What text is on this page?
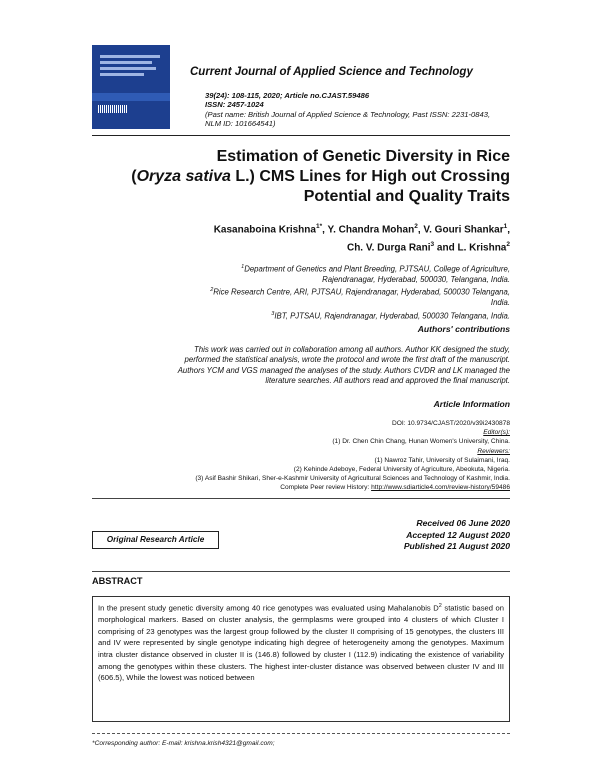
Current Journal of Applied Science and Technology
39(24): 108-115, 2020; Article no.CJAST.59486
ISSN: 2457-1024
(Past name: British Journal of Applied Science & Technology, Past ISSN: 2231-0843,
NLM ID: 101664541)
Estimation of Genetic Diversity in Rice
(Oryza sativa L.) CMS Lines for High out Crossing
Potential and Quality Traits
Kasanaboina Krishna$^{1*}$, Y. Chandra Mohan$^2$, V. Gouri Shankar$^1$,
Ch. V. Durga Rani$^3$ and L. Krishna$^2$
$^1$Department of Genetics and Plant Breeding, PJTSAU, College of Agriculture,
Rajendranagar, Hyderabad, 500030, Telangana, India.
$^2$Rice Research Centre, ARI, PJTSAU, Rajendranagar, Hyderabad, 500030 Telangana,
India.
$^3$IBT, PJTSAU, Rajendranagar, Hyderabad, 500030 Telangana, India.
Authors' contributions
This work was carried out in collaboration among all authors. Author KK designed the study,
performed the statistical analysis, wrote the protocol and wrote the first draft of the manuscript.
Authors YCM and VGS managed the analyses of the study. Authors CVDR and LK managed the
literature searches. All authors read and approved the final manuscript.
Article Information
DOI: 10.9734/CJAST/2020/v39i2430878
Editor(s):
(1) Dr. Chen Chin Chang, Hunan Women's University, China.
Reviewers:
(1) Nawroz Tahir, University of Sulaimani, Iraq.
(2) Kehinde Adeboye, Federal University of Agriculture, Abeokuta, Nigeria.
(3) Asif Bashir Shikari, Sher-e-Kashmir University of Agricultural Sciences and Technology of Kashmir, India.
Complete Peer review History: http://www.sdiarticle4.com/review-history/59486
Received 06 June 2020
Accepted 12 August 2020
Published 21 August 2020
Original Research Article
ABSTRACT

In the present study genetic diversity among 40 rice genotypes was evaluated using Mahalanobis $D^2$ statistic based on morphological markers. Based on cluster analysis, the germplasms were grouped into 4 clusters of which Cluster I comprising of 23 genotypes was the largest group followed by the cluster II comprising of 15 genotypes, the clusters III and IV were represented by single genotype indicating high degree of heterogeneity among the genotypes. Maximum intra cluster distance observed in cluster II is (146.8) followed by cluster I (112.9) indicating the existence of variability among the genotypes within these clusters. The highest inter-cluster distance was observed between cluster IV and III (606.5), While the lowest was noticed between

*Corresponding author: E-mail: krishna.krish4321@gmail.com;
